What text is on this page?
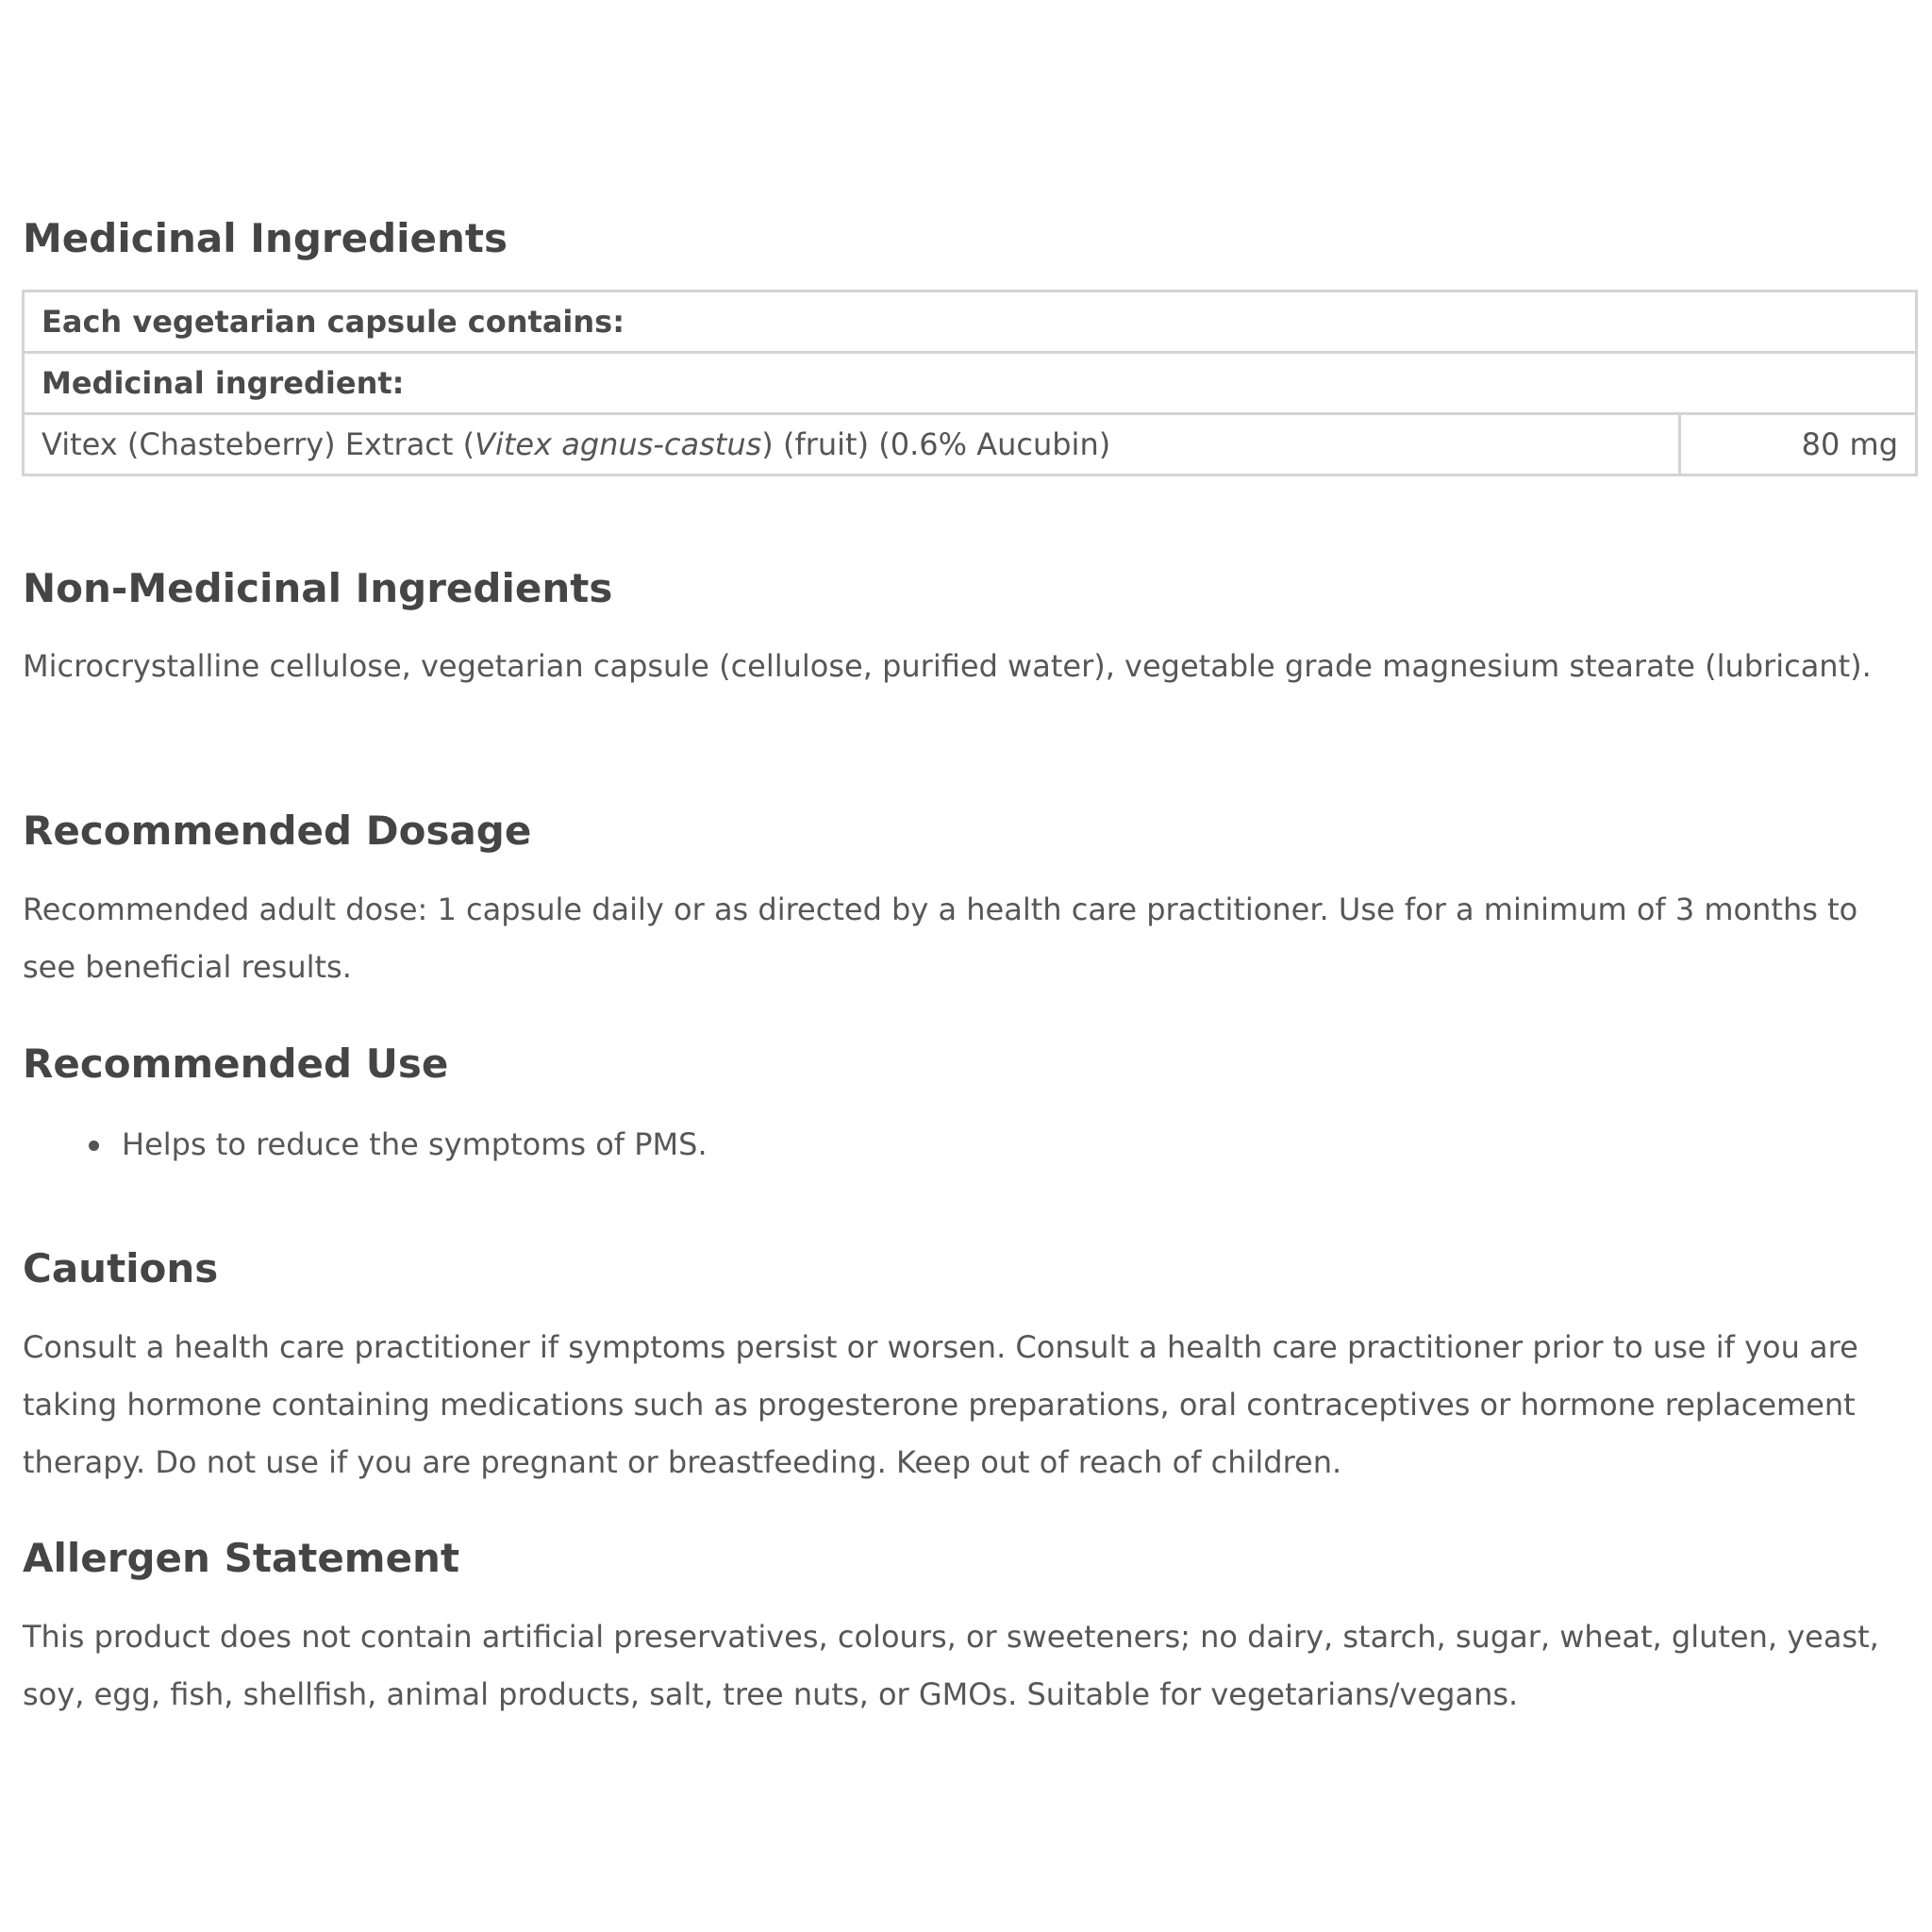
Medicinal Ingredients
Each vegetarian capsule contains:
Medicinal ingredient:
Vitex (Chasteberry) Extract (Vitex agnus-castus) (fruit) (0.6% Aucubin)	80 mg
Non-Medicinal Ingredients

Microcrystalline cellulose, vegetarian capsule (cellulose, purified water), vegetable grade magnesium stearate (lubricant).

Recommended Dosage

Recommended adult dose: 1 capsule daily or as directed by a health care practitioner. Use for a minimum of 3 months to see beneficial results.

Recommended Use
Helps to reduce the symptoms of PMS.
Cautions

Consult a health care practitioner if symptoms persist or worsen. Consult a health care practitioner prior to use if you are taking hormone containing medications such as progesterone preparations, oral contraceptives or hormone replacement therapy. Do not use if you are pregnant or breastfeeding. Keep out of reach of children.

Allergen Statement

This product does not contain artificial preservatives, colours, or sweeteners; no dairy, starch, sugar, wheat, gluten, yeast, soy, egg, fish, shellfish, animal products, salt, tree nuts, or GMOs. Suitable for vegetarians/vegans.
